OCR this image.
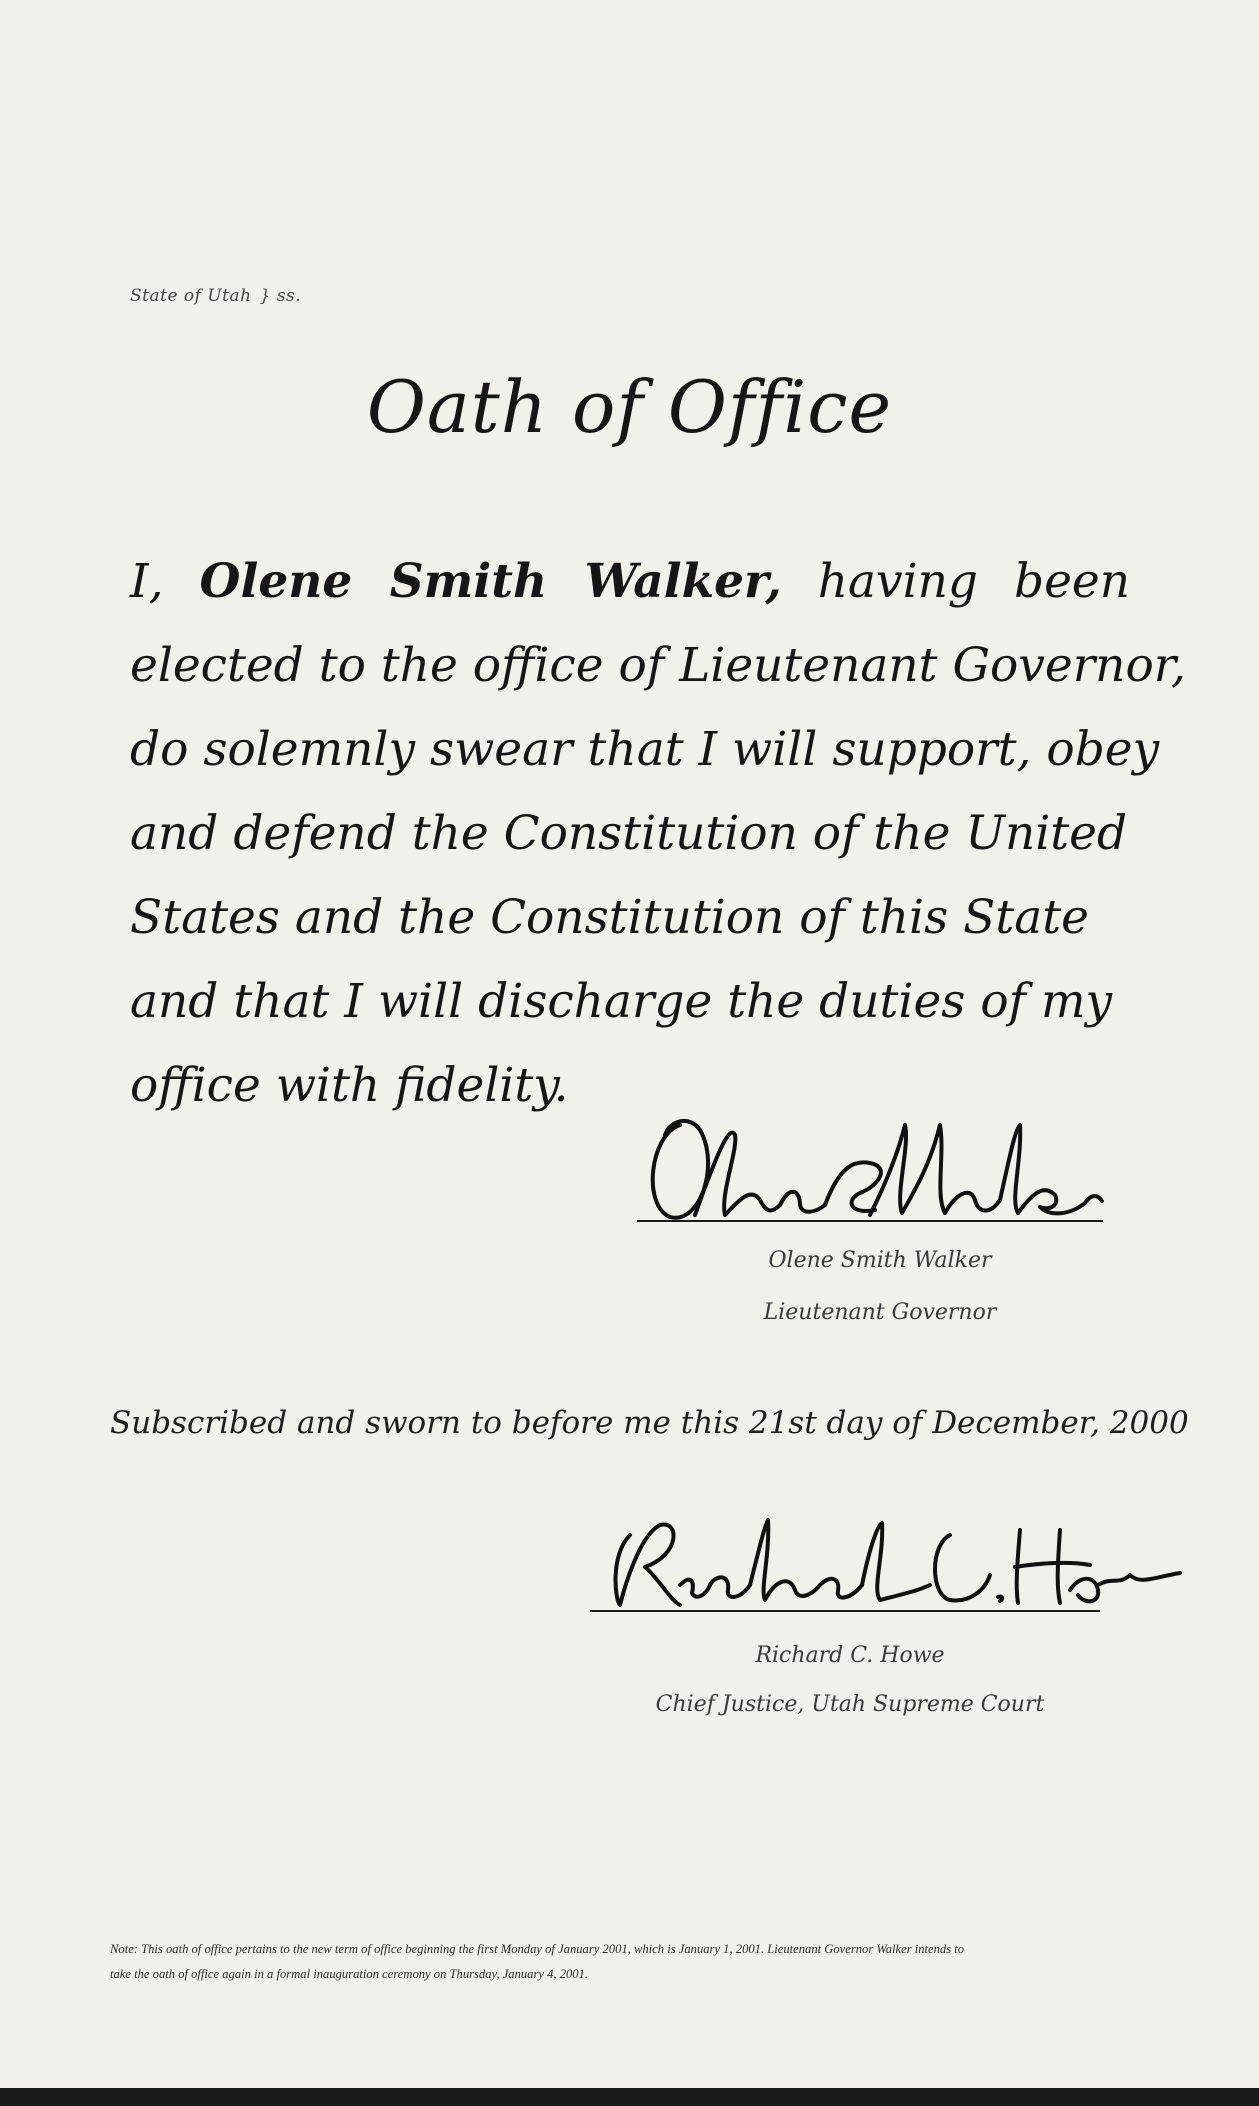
State of Utah } ss.
Oath of Office
I, Olene Smith Walker, having been
elected to the office of Lieutenant Governor,
do solemnly swear that I will support, obey
and defend the Constitution of the United
States and the Constitution of this State
and that I will discharge the duties of my
office with fidelity.
Olene Smith Walker
Lieutenant Governor
Subscribed and sworn to before me this 21st day of December, 2000
Richard C. Howe
Chief Justice, Utah Supreme Court
Note: This oath of office pertains to the new term of office beginning the first Monday of January 2001, which is January 1, 2001. Lieutenant Governor Walker intends to
take the oath of office again in a formal inauguration ceremony on Thursday, January 4, 2001.
